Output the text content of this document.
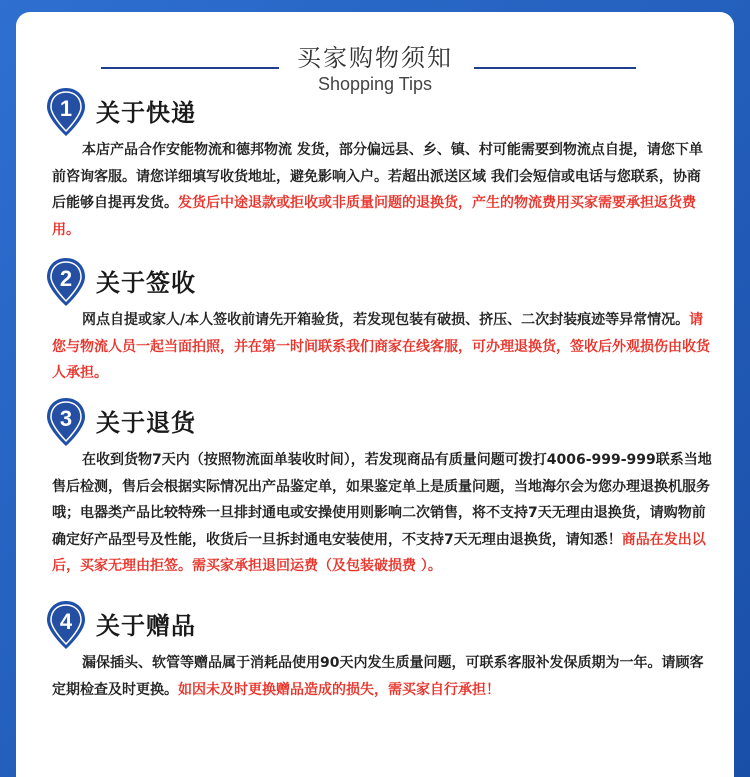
买家购物须知
Shopping Tips
1 关于快递
本店产品合作安能物流和德邦物流 发货，部分偏远县、乡、镇、村可能需要到物流点自提，请您下单前咨询客服。请您详细填写收货地址，避免影响入户。若超出派送区域 我们会短信或电话与您联系，协商后能够自提再发货。发货后中途退款或拒收或非质量问题的退换货，产生的物流费用买家需要承担返货费用。
2 关于签收
网点自提或家人/本人签收前请先开箱验货，若发现包装有破损、挤压、二次封装痕迹等异常情况。请您与物流人员一起当面拍照，并在第一时间联系我们商家在线客服，可办理退换货，签收后外观损伤由收货人承担。
3 关于退货
在收到货物7天内（按照物流面单装收时间），若发现商品有质量问题可拨打4006-999-999联系当地售后检测，售后会根据实际情况出产品鉴定单，如果鉴定单上是质量问题，当地海尔会为您办理退换机服务哦；电器类产品比较特殊一旦排封通电或安操使用则影响二次销售，将不支持7天无理由退换货，请购物前确定好产品型号及性能，收货后一旦拆封通电安装使用，不支持7天无理由退换货，请知悉！商品在发出以后，买家无理由拒签。需买家承担退回运费（及包装破损费 ）。
4 关于赠品
漏保插头、软管等赠品属于消耗品使用90天内发生质量问题，可联系客服补发保质期为一年。请顾客定期检查及时更换。如因未及时更换赠品造成的损失，需买家自行承担！
